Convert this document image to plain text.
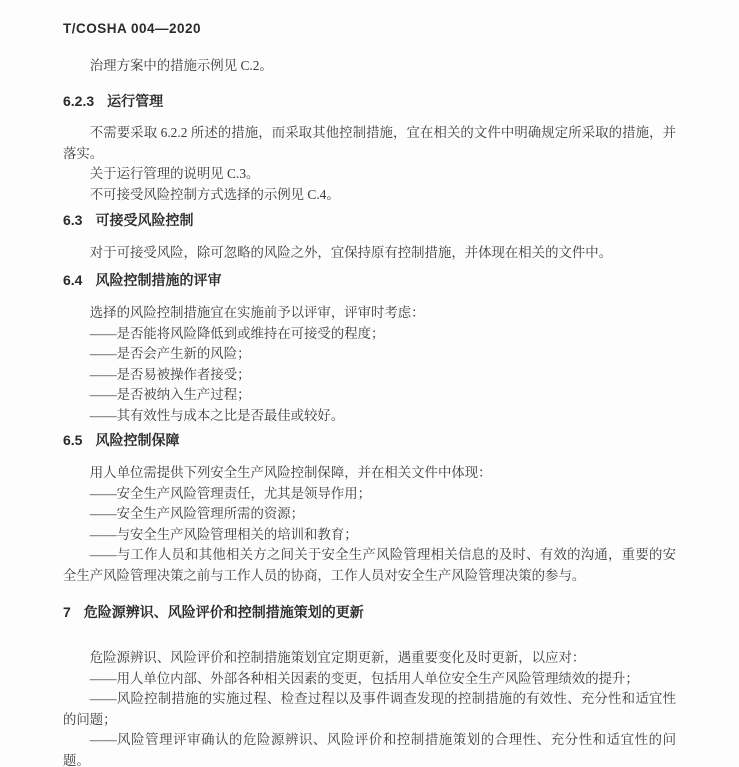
T/COSHA 004—2020

治理方案中的措施示例见 C.2。

6.2.3 运行管理

不需要采取 6.2.2 所述的措施，而采取其他控制措施，宜在相关的文件中明确规定所采取的措施，并落实。

关于运行管理的说明见 C.3。

不可接受风险控制方式选择的示例见 C.4。

6.3 可接受风险控制

对于可接受风险，除可忽略的风险之外，宜保持原有控制措施，并体现在相关的文件中。

6.4 风险控制措施的评审

选择的风险控制措施宜在实施前予以评审，评审时考虑：

——是否能将风险降低到或维持在可接受的程度；

——是否会产生新的风险；

——是否易被操作者接受；

——是否被纳入生产过程；

——其有效性与成本之比是否最佳或较好。

6.5 风险控制保障

用人单位需提供下列安全生产风险控制保障，并在相关文件中体现：

——安全生产风险管理责任，尤其是领导作用；

——安全生产风险管理所需的资源；

——与安全生产风险管理相关的培训和教育；

——与工作人员和其他相关方之间关于安全生产风险管理相关信息的及时、有效的沟通，重要的安全生产风险管理决策之前与工作人员的协商，工作人员对安全生产风险管理决策的参与。

7 危险源辨识、风险评价和控制措施策划的更新

危险源辨识、风险评价和控制措施策划宜定期更新，遇重要变化及时更新，以应对：

——用人单位内部、外部各种相关因素的变更，包括用人单位安全生产风险管理绩效的提升；

——风险控制措施的实施过程、检查过程以及事件调查发现的控制措施的有效性、充分性和适宜性的问题；

——风险管理评审确认的危险源辨识、风险评价和控制措施策划的合理性、充分性和适宜性的问题。
